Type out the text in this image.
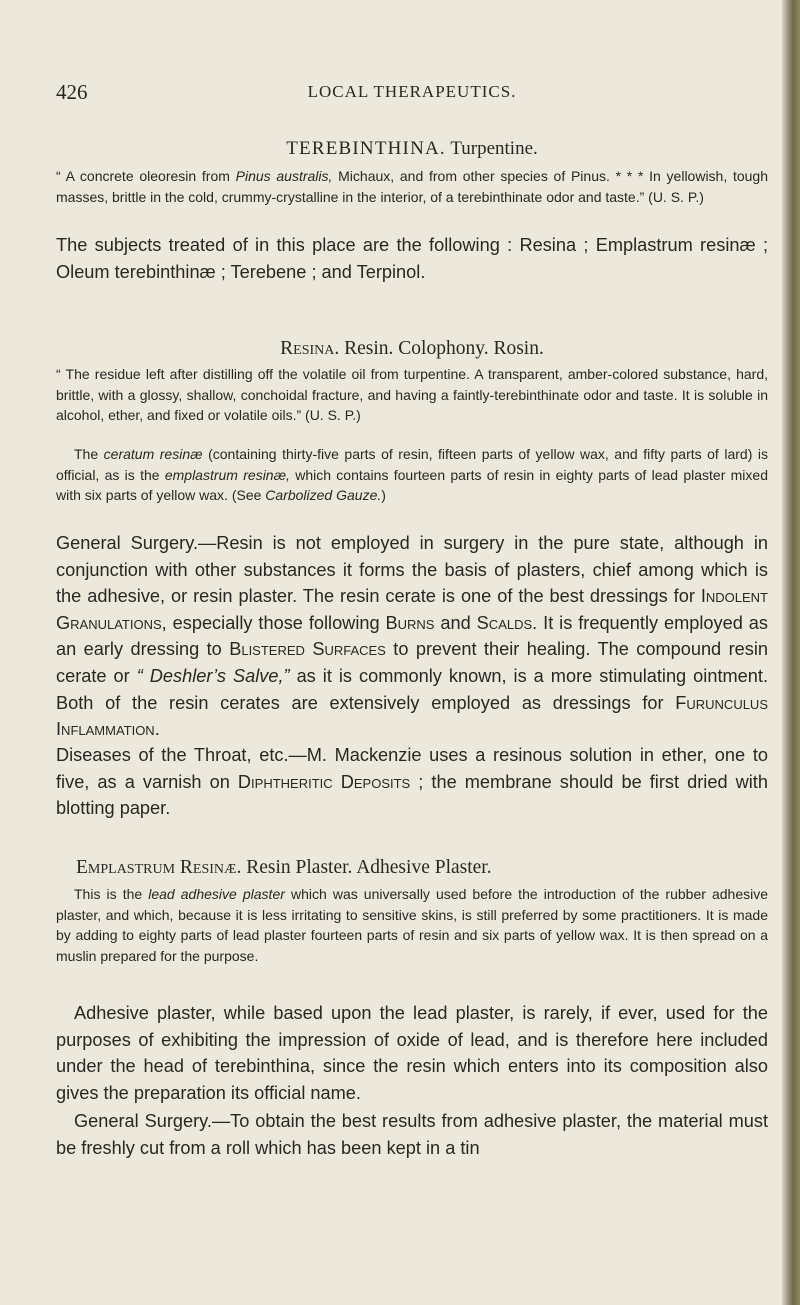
426	LOCAL THERAPEUTICS.
TEREBINTHINA. Turpentine.

“ A concrete oleoresin from Pinus australis, Michaux, and from other species of Pinus. * * * In yellowish, tough masses, brittle in the cold, crummy-crystalline in the interior, of a terebinthinate odor and taste.” (U. S. P.)

The subjects treated of in this place are the following : Resina ; Emplastrum resinæ ; Oleum terebinthinæ ; Terebene ; and Terpinol.

Resina. Resin. Colophony. Rosin.

“ The residue left after distilling off the volatile oil from turpentine. A transparent, amber-colored substance, hard, brittle, with a glossy, shallow, conchoidal fracture, and having a faintly-terebinthinate odor and taste. It is soluble in alcohol, ether, and fixed or volatile oils.” (U. S. P.)

The ceratum resinæ (containing thirty-five parts of resin, fifteen parts of yellow wax, and fifty parts of lard) is official, as is the emplastrum resinæ, which contains fourteen parts of resin in eighty parts of lead plaster mixed with six parts of yellow wax. (See Carbolized Gauze.)

General Surgery.—Resin is not employed in surgery in the pure state, although in conjunction with other substances it forms the basis of plasters, chief among which is the adhesive, or resin plaster. The resin cerate is one of the best dressings for Indolent Granulations, especially those following Burns and Scalds. It is frequently employed as an early dressing to Blistered Surfaces to prevent their healing. The compound resin cerate or “ Deshler’s Salve,” as it is commonly known, is a more stimulating ointment. Both of the resin cerates are extensively employed as dressings for Furunculus Inflammation.

Diseases of the Throat, etc.—M. Mackenzie uses a resinous solution in ether, one to five, as a varnish on Diphtheritic Deposits ; the membrane should be first dried with blotting paper.

Emplastrum Resinæ. Resin Plaster. Adhesive Plaster.

This is the lead adhesive plaster which was universally used before the introduction of the rubber adhesive plaster, and which, because it is less irritating to sensitive skins, is still preferred by some practitioners. It is made by adding to eighty parts of lead plaster fourteen parts of resin and six parts of yellow wax. It is then spread on a muslin prepared for the purpose.

Adhesive plaster, while based upon the lead plaster, is rarely, if ever, used for the purposes of exhibiting the impression of oxide of lead, and is therefore here included under the head of terebinthina, since the resin which enters into its composition also gives the preparation its official name.

General Surgery.—To obtain the best results from adhesive plaster, the material must be freshly cut from a roll which has been kept in a tin
